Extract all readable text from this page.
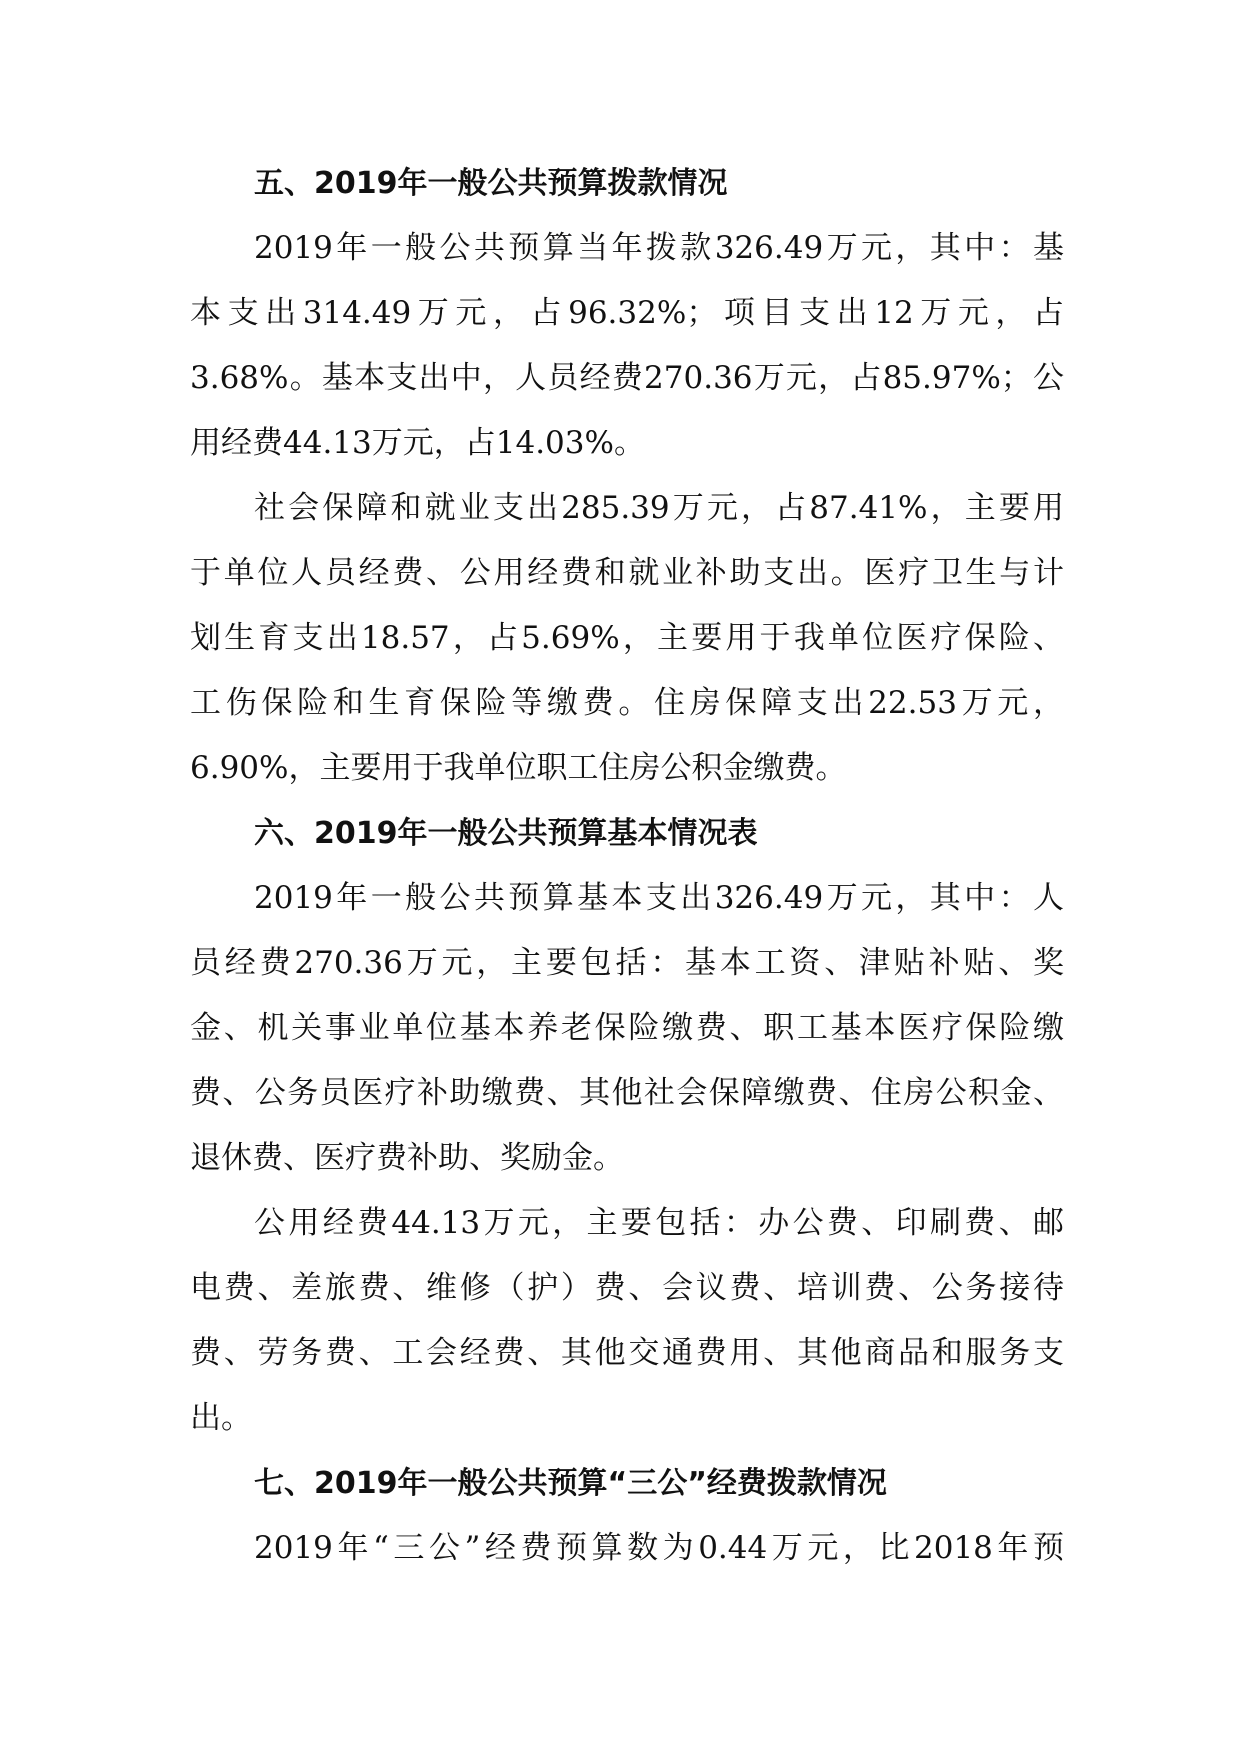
五、2019年一般公共预算拨款情况
2019年一般公共预算当年拨款326.49万元，其中：基
本支出314.49万元，占96.32%；项目支出12万元，占
3.68%。基本支出中，人员经费270.36万元，占85.97%；公
用经费44.13万元，占14.03%。
社会保障和就业支出285.39万元，占87.41%，主要用
于单位人员经费、公用经费和就业补助支出。医疗卫生与计
划生育支出18.57，占5.69%，主要用于我单位医疗保险、
工伤保险和生育保险等缴费。住房保障支出22.53万元，
6.90%，主要用于我单位职工住房公积金缴费。
六、2019年一般公共预算基本情况表
2019年一般公共预算基本支出326.49万元，其中：人
员经费270.36万元，主要包括：基本工资、津贴补贴、奖
金、机关事业单位基本养老保险缴费、职工基本医疗保险缴
费、公务员医疗补助缴费、其他社会保障缴费、住房公积金、
退休费、医疗费补助、奖励金。
公用经费44.13万元，主要包括：办公费、印刷费、邮
电费、差旅费、维修（护）费、会议费、培训费、公务接待
费、劳务费、工会经费、其他交通费用、其他商品和服务支
出。
七、2019年一般公共预算“三公”经费拨款情况
2019年“三公”经费预算数为0.44万元，比2018年预
